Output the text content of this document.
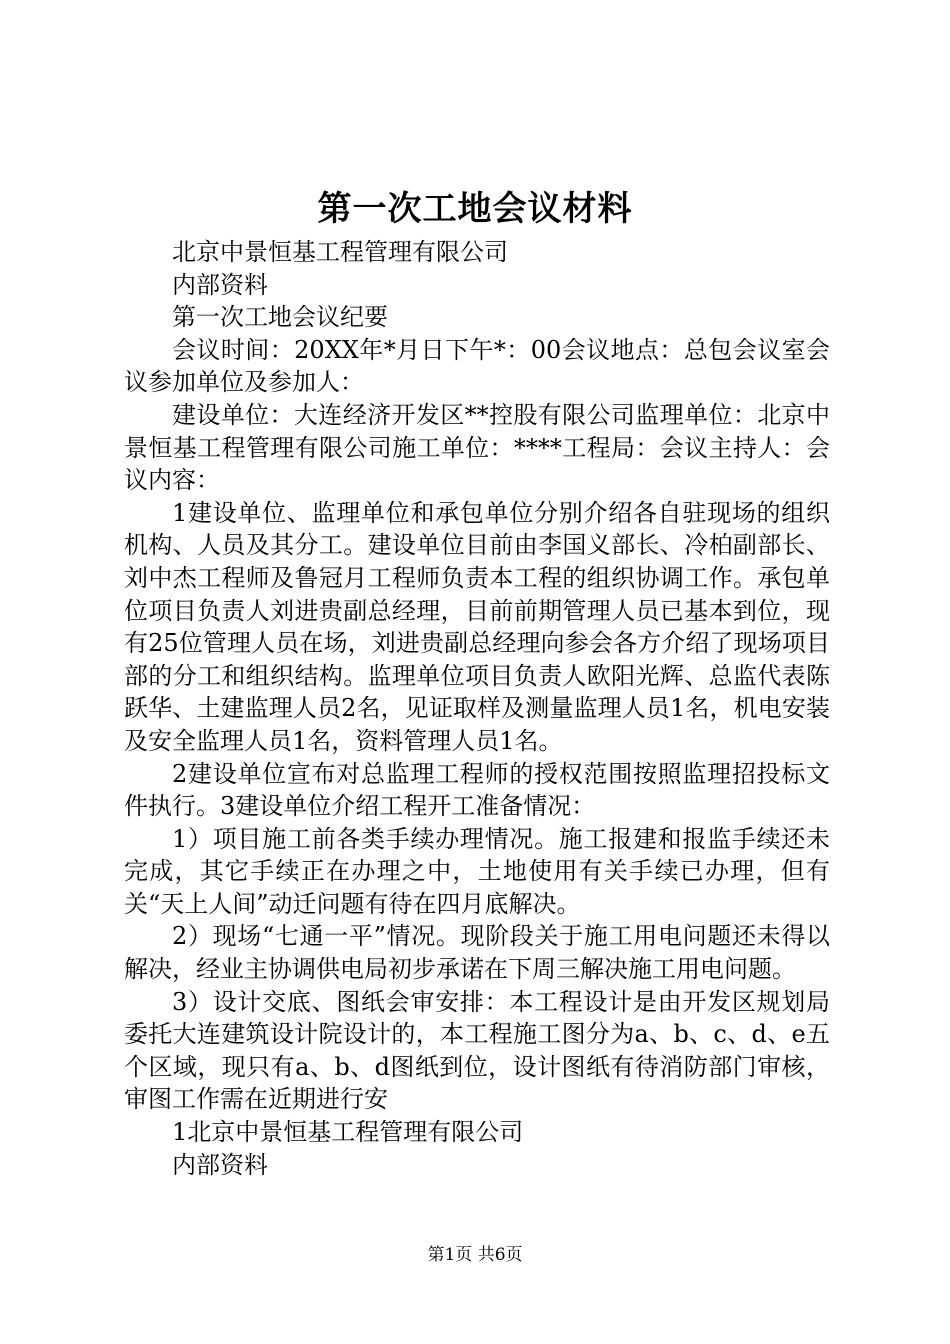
第一次工地会议材料

北京中景恒基工程管理有限公司

内部资料

第一次工地会议纪要

会议时间：20XX年*月日下午*：00会议地点：总包会议室会议参加单位及参加人：

建设单位：大连经济开发区**控股有限公司监理单位：北京中景恒基工程管理有限公司施工单位：****工程局：会议主持人：会议内容：

1建设单位、监理单位和承包单位分别介绍各自驻现场的组织机构、人员及其分工。建设单位目前由李国义部长、冷柏副部长、刘中杰工程师及鲁冠月工程师负责本工程的组织协调工作。承包单位项目负责人刘进贵副总经理，目前前期管理人员已基本到位，现有25位管理人员在场，刘进贵副总经理向参会各方介绍了现场项目部的分工和组织结构。监理单位项目负责人欧阳光辉、总监代表陈跃华、土建监理人员2名，见证取样及测量监理人员1名，机电安装及安全监理人员1名，资料管理人员1名。

2建设单位宣布对总监理工程师的授权范围按照监理招投标文件执行。3建设单位介绍工程开工准备情况：

1）项目施工前各类手续办理情况。施工报建和报监手续还未完成，其它手续正在办理之中，土地使用有关手续已办理，但有关“天上人间”动迁问题有待在四月底解决。

2）现场“七通一平”情况。现阶段关于施工用电问题还未得以解决，经业主协调供电局初步承诺在下周三解决施工用电问题。

3）设计交底、图纸会审安排：本工程设计是由开发区规划局委托大连建筑设计院设计的，本工程施工图分为a、b、c、d、e五个区域，现只有a、b、d图纸到位，设计图纸有待消防部门审核，审图工作需在近期进行安

1北京中景恒基工程管理有限公司

内部资料

第1页 共6页
